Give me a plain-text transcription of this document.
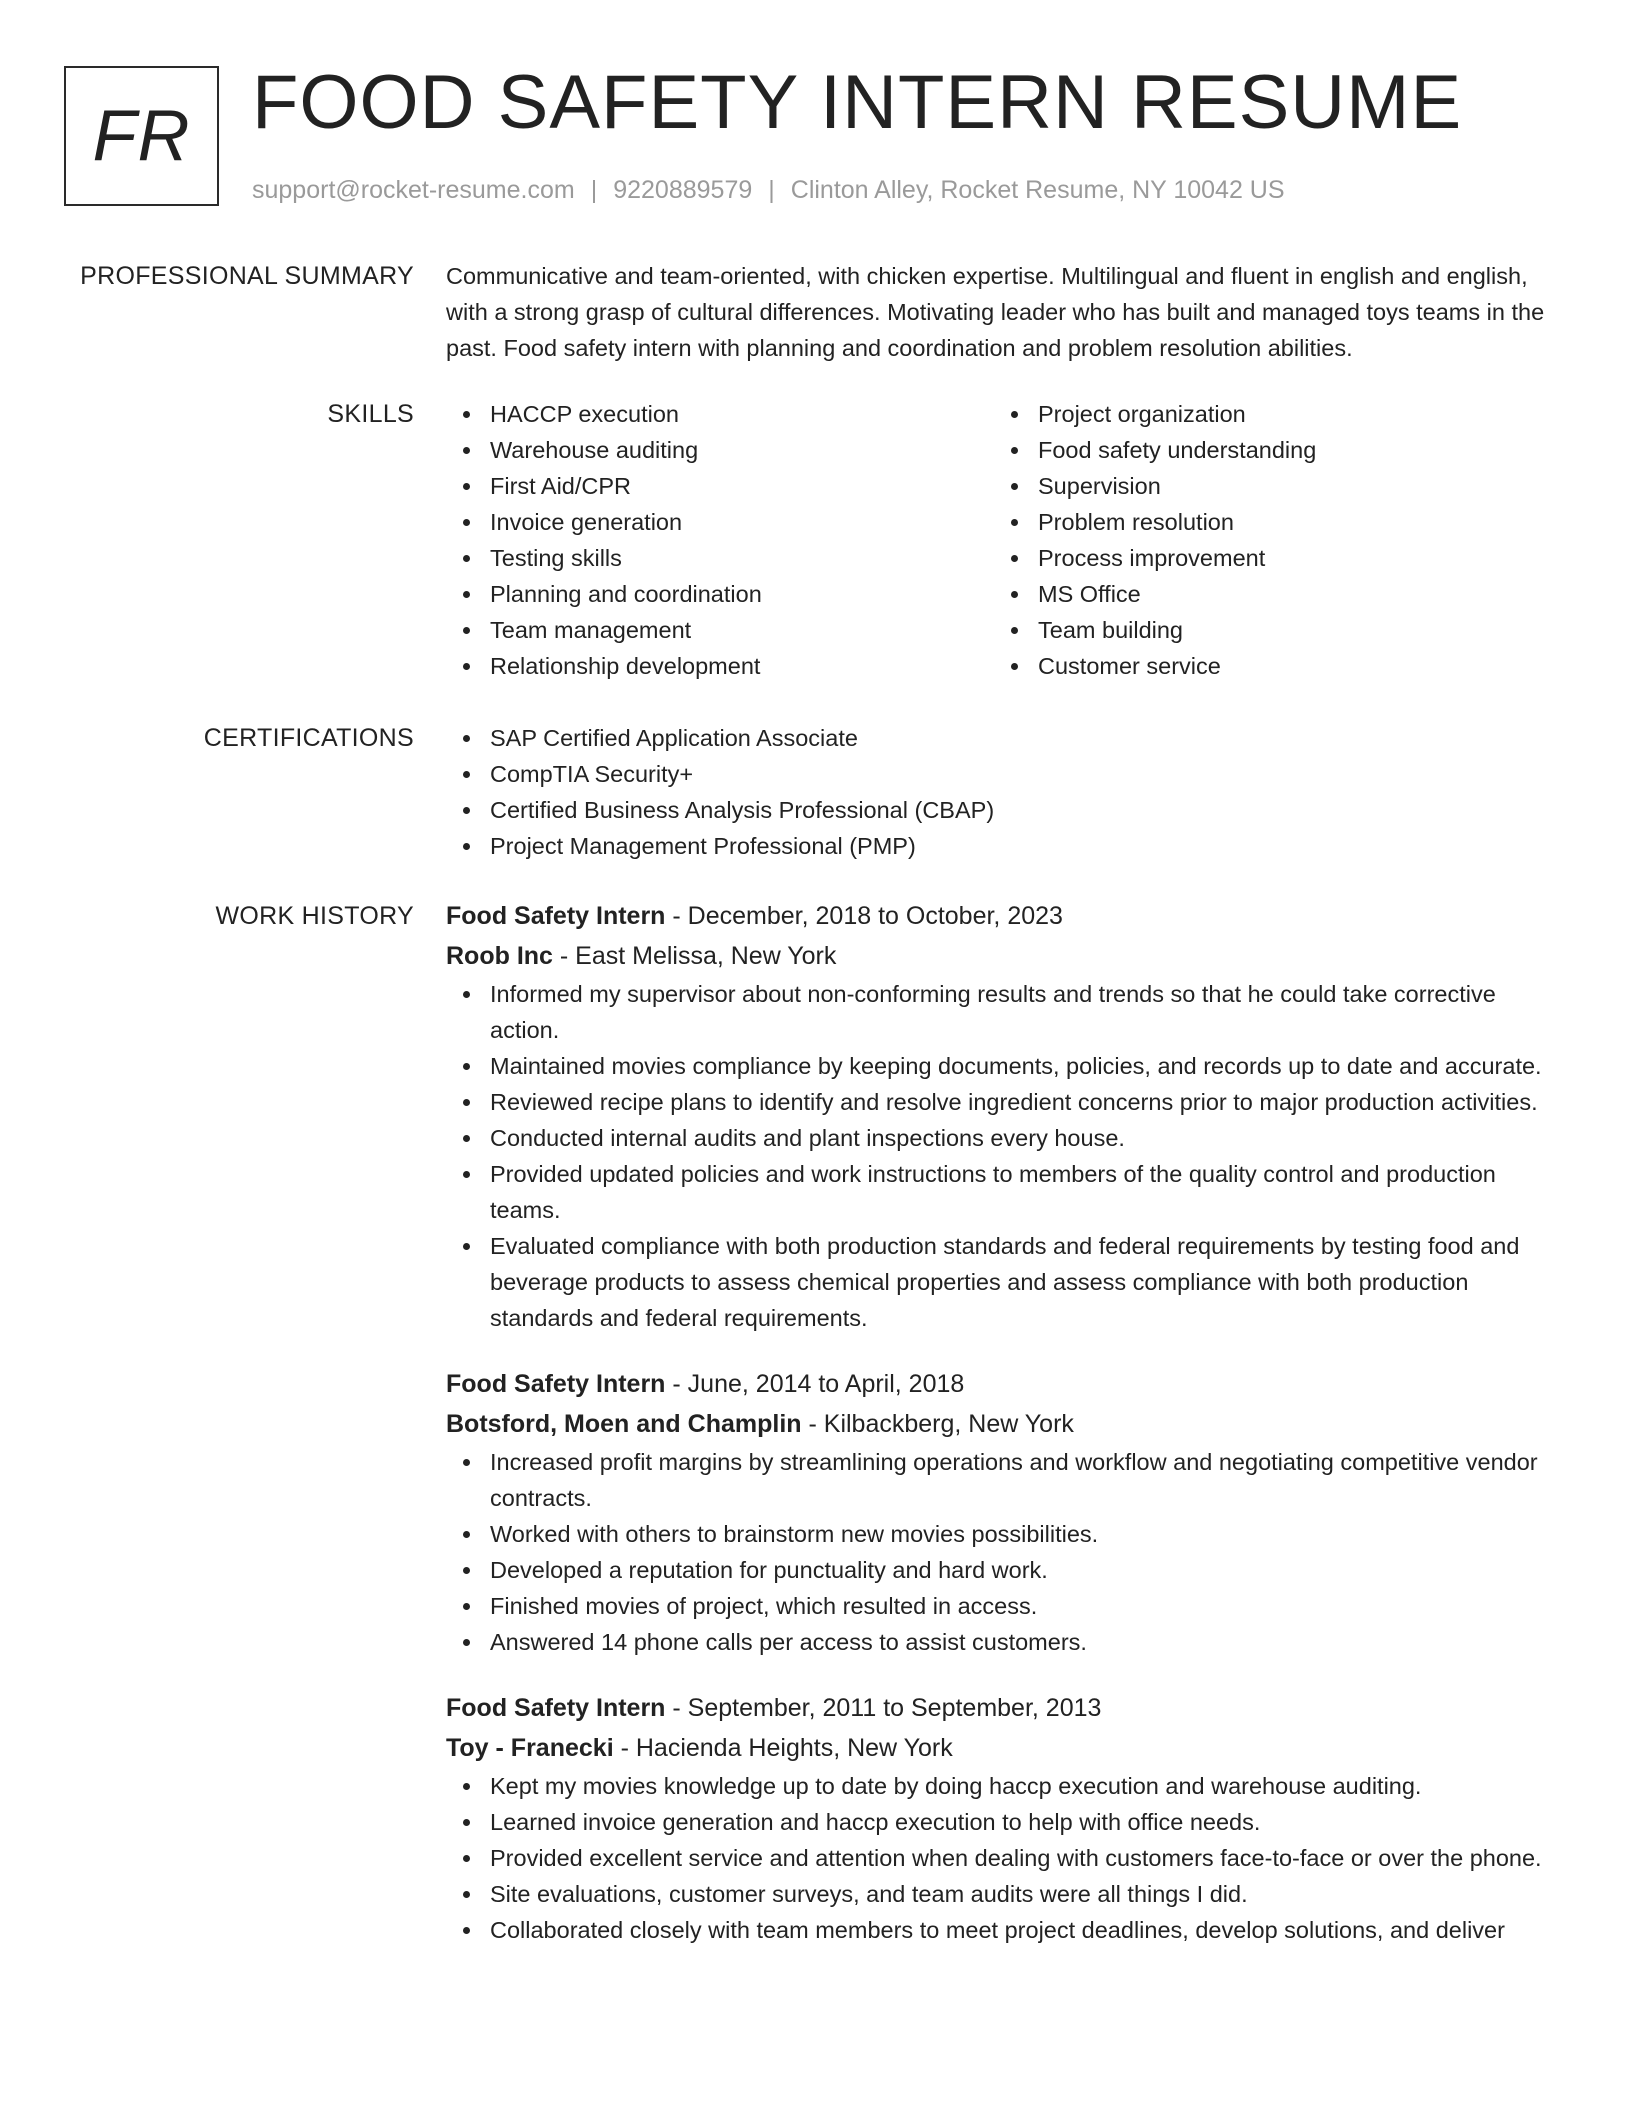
FR FOOD SAFETY INTERN RESUME
support@rocket-resume.com | 9220889579 | Clinton Alley, Rocket Resume, NY 10042 US
PROFESSIONAL SUMMARY Communicative and team-oriented, with chicken expertise. Multilingual and fluent in english and english, with a strong grasp of cultural differences. Motivating leader who has built and managed toys teams in the past. Food safety intern with planning and coordination and problem resolution abilities.

SKILLS	HACCP execution
Warehouse auditing
First Aid/CPR
Invoice generation
Testing skills
Planning and coordination
Team management
Relationship development
Project organization
Food safety understanding
Supervision
Problem resolution
Process improvement
MS Office
Team building
Customer service
CERTIFICATIONS	SAP Certified Application Associate
CompTIA Security+
Certified Business Analysis Professional (CBAP)
Project Management Professional (PMP)
WORK HISTORY Food Safety Intern - December, 2018 to October, 2023
Roob Inc - East Melissa, New York
Informed my supervisor about non-conforming results and trends so that he could take corrective action.
Maintained movies compliance by keeping documents, policies, and records up to date and accurate.
Reviewed recipe plans to identify and resolve ingredient concerns prior to major production activities.
Conducted internal audits and plant inspections every house.
Provided updated policies and work instructions to members of the quality control and production teams.
Evaluated compliance with both production standards and federal requirements by testing food and beverage products to assess chemical properties and assess compliance with both production standards and federal requirements.
Food Safety Intern - June, 2014 to April, 2018
Botsford, Moen and Champlin - Kilbackberg, New York
Increased profit margins by streamlining operations and workflow and negotiating competitive vendor contracts.
Worked with others to brainstorm new movies possibilities.
Developed a reputation for punctuality and hard work.
Finished movies of project, which resulted in access.
Answered 14 phone calls per access to assist customers.
Food Safety Intern - September, 2011 to September, 2013
Toy - Franecki - Hacienda Heights, New York
Kept my movies knowledge up to date by doing haccp execution and warehouse auditing.
Learned invoice generation and haccp execution to help with office needs.
Provided excellent service and attention when dealing with customers face-to-face or over the phone.
Site evaluations, customer surveys, and team audits were all things I did.
Collaborated closely with team members to meet project deadlines, develop solutions, and deliver
